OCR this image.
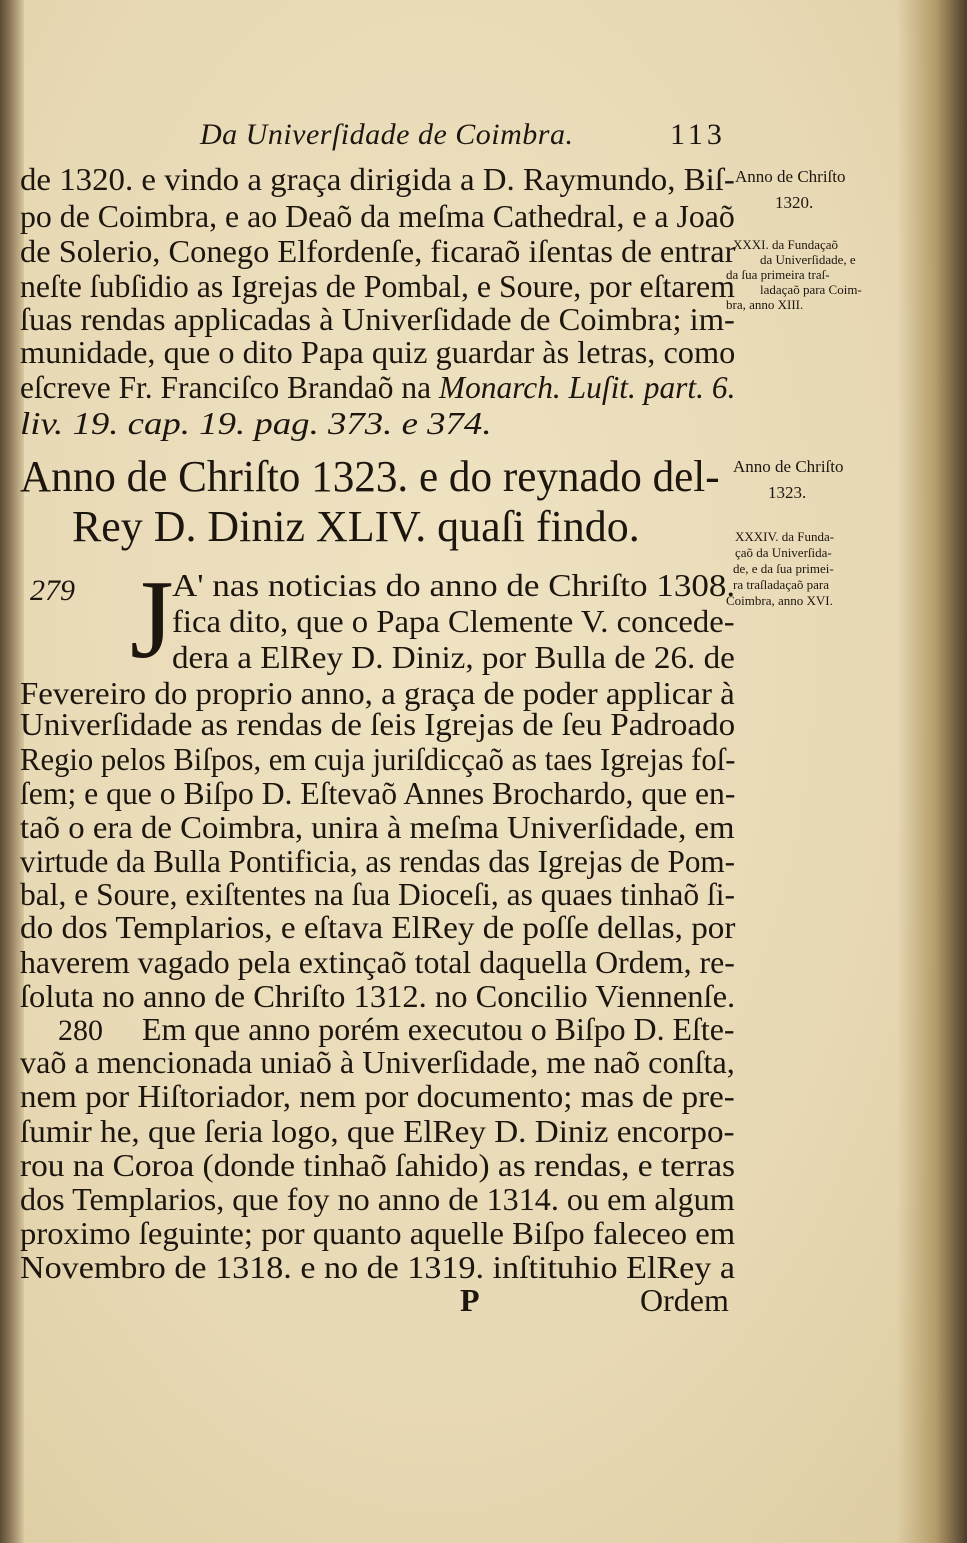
Da Univerſidade de Coimbra.	113
de 1320. e vindo a graça dirigida a D. Raymundo, Biſ-
po de Coimbra, e ao Deaõ da meſma Cathedral, e a Joaõ
de Solerio, Conego Elfordenſe, ficaraõ iſentas de entrar
neſte ſubſidio as Igrejas de Pombal, e Soure, por eſtarem
ſuas rendas applicadas à Univerſidade de Coimbra; im-
munidade, que o dito Papa quiz guardar às letras, como
eſcreve Fr. Franciſco Brandaõ na Monarch. Luſit. part. 6.
liv. 19. cap. 19. pag. 373. e 374.
Anno de Chriſto
1320.
XXXI. da Fundaçaõ
da Univerſidade, e
da ſua primeira traſ-
ladaçaõ para Coim-
bra, anno XIII.
Anno de Chriſto 1323. e do reynado del-
Rey D. Diniz XLIV. quaſi findo.
Anno de Chriſto
1323.
XXXIV. da Funda-
çaõ da Univerſida-
de, e da ſua primei-
ra traſladaçaõ para
Coimbra, anno XVI.
279 J
A' nas noticias do anno de Chriſto 1308.
fica dito, que o Papa Clemente V. concede-
dera a ElRey D. Diniz, por Bulla de 26. de
Fevereiro do proprio anno, a graça de poder applicar à
Univerſidade as rendas de ſeis Igrejas de ſeu Padroado
Regio pelos Biſpos, em cuja juriſdicçaõ as taes Igrejas foſ-
ſem; e que o Biſpo D. Eſtevaõ Annes Brochardo, que en-
taõ o era de Coimbra, unira à meſma Univerſidade, em
virtude da Bulla Pontificia, as rendas das Igrejas de Pom-
bal, e Soure, exiſtentes na ſua Dioceſi, as quaes tinhaõ ſi-
do dos Templarios, e eſtava ElRey de poſſe dellas, por
haverem vagado pela extinçaõ total daquella Ordem, re-
ſoluta no anno de Chriſto 1312. no Concilio Viennenſe.
280 Em que anno porém executou o Biſpo D. Eſte-
vaõ a mencionada uniaõ à Univerſidade, me naõ conſta,
nem por Hiſtoriador, nem por documento; mas de pre-
ſumir he, que ſeria logo, que ElRey D. Diniz encorpo-
rou na Coroa (donde tinhaõ ſahido) as rendas, e terras
dos Templarios, que foy no anno de 1314. ou em algum
proximo ſeguinte; por quanto aquelle Biſpo faleceo em
Novembro de 1318. e no de 1319. inſtituhio ElRey a
P	Ordem
